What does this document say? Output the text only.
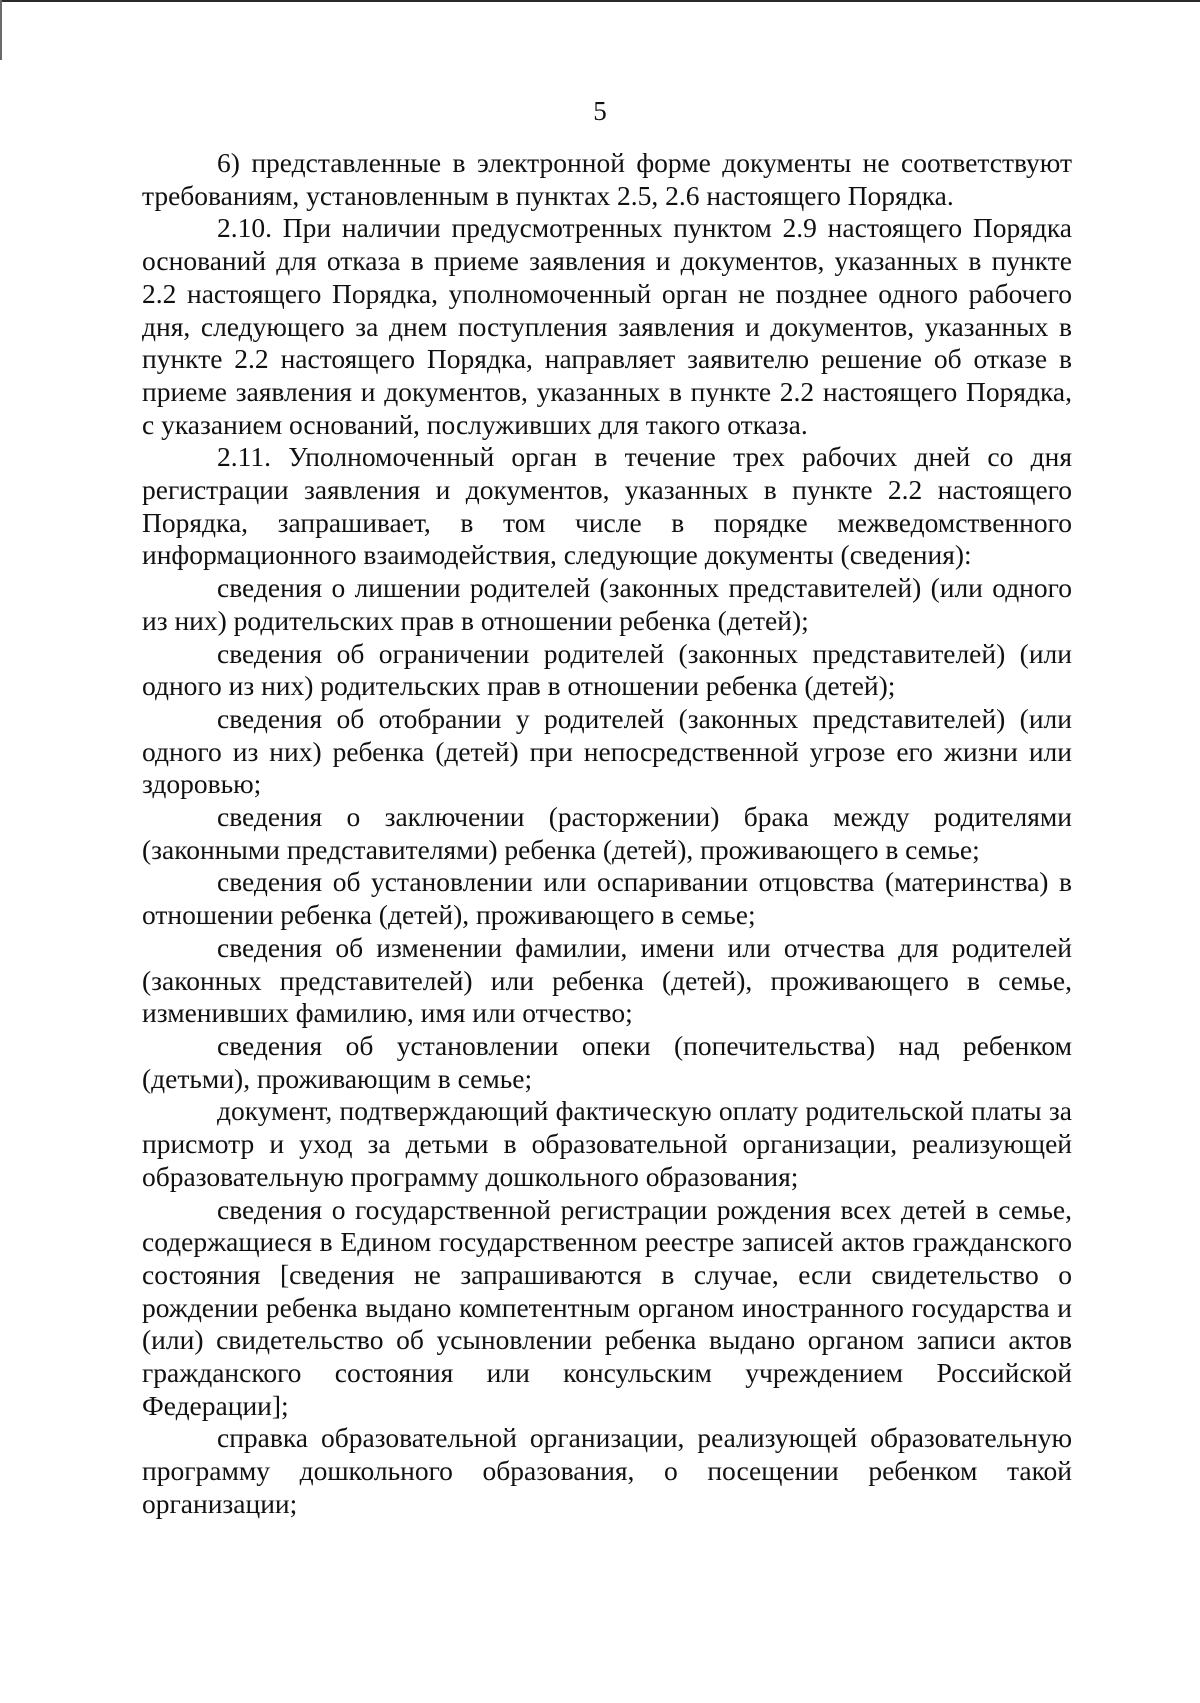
5

6) представленные в электронной форме документы не соответствуют требованиям, установленным в пунктах 2.5, 2.6 настоящего Порядка.

2.10. При наличии предусмотренных пунктом 2.9 настоящего Порядка оснований для отказа в приеме заявления и документов, указанных в пункте 2.2 настоящего Порядка, уполномоченный орган не позднее одного рабочего дня, следующего за днем поступления заявления и документов, указанных в пункте 2.2 настоящего Порядка, направляет заявителю решение об отказе в приеме заявления и документов, указанных в пункте 2.2 настоящего Порядка, с указанием оснований, послуживших для такого отказа.

2.11. Уполномоченный орган в течение трех рабочих дней со дня регистрации заявления и документов, указанных в пункте 2.2 настоящего Порядка, запрашивает, в том числе в порядке межведомственного информационного взаимодействия, следующие документы (сведения):

сведения о лишении родителей (законных представителей) (или одного из них) родительских прав в отношении ребенка (детей);

сведения об ограничении родителей (законных представителей) (или одного из них) родительских прав в отношении ребенка (детей);

сведения об отобрании у родителей (законных представителей) (или одного из них) ребенка (детей) при непосредственной угрозе его жизни или здоровью;

сведения о заключении (расторжении) брака между родителями (законными представителями) ребенка (детей), проживающего в семье;

сведения об установлении или оспаривании отцовства (материнства) в отношении ребенка (детей), проживающего в семье;

сведения об изменении фамилии, имени или отчества для родителей (законных представителей) или ребенка (детей), проживающего в семье, изменивших фамилию, имя или отчество;

сведения об установлении опеки (попечительства) над ребенком (детьми), проживающим в семье;

документ, подтверждающий фактическую оплату родительской платы за присмотр и уход за детьми в образовательной организации, реализующей образовательную программу дошкольного образования;

сведения о государственной регистрации рождения всех детей в семье, содержащиеся в Едином государственном реестре записей актов гражданского состояния [сведения не запрашиваются в случае, если свидетельство о рождении ребенка выдано компетентным органом иностранного государства и (или) свидетельство об усыновлении ребенка выдано органом записи актов гражданского состояния или консульским учреждением Российской Федерации];

справка образовательной организации, реализующей образовательную программу дошкольного образования, о посещении ребенком такой организации;
